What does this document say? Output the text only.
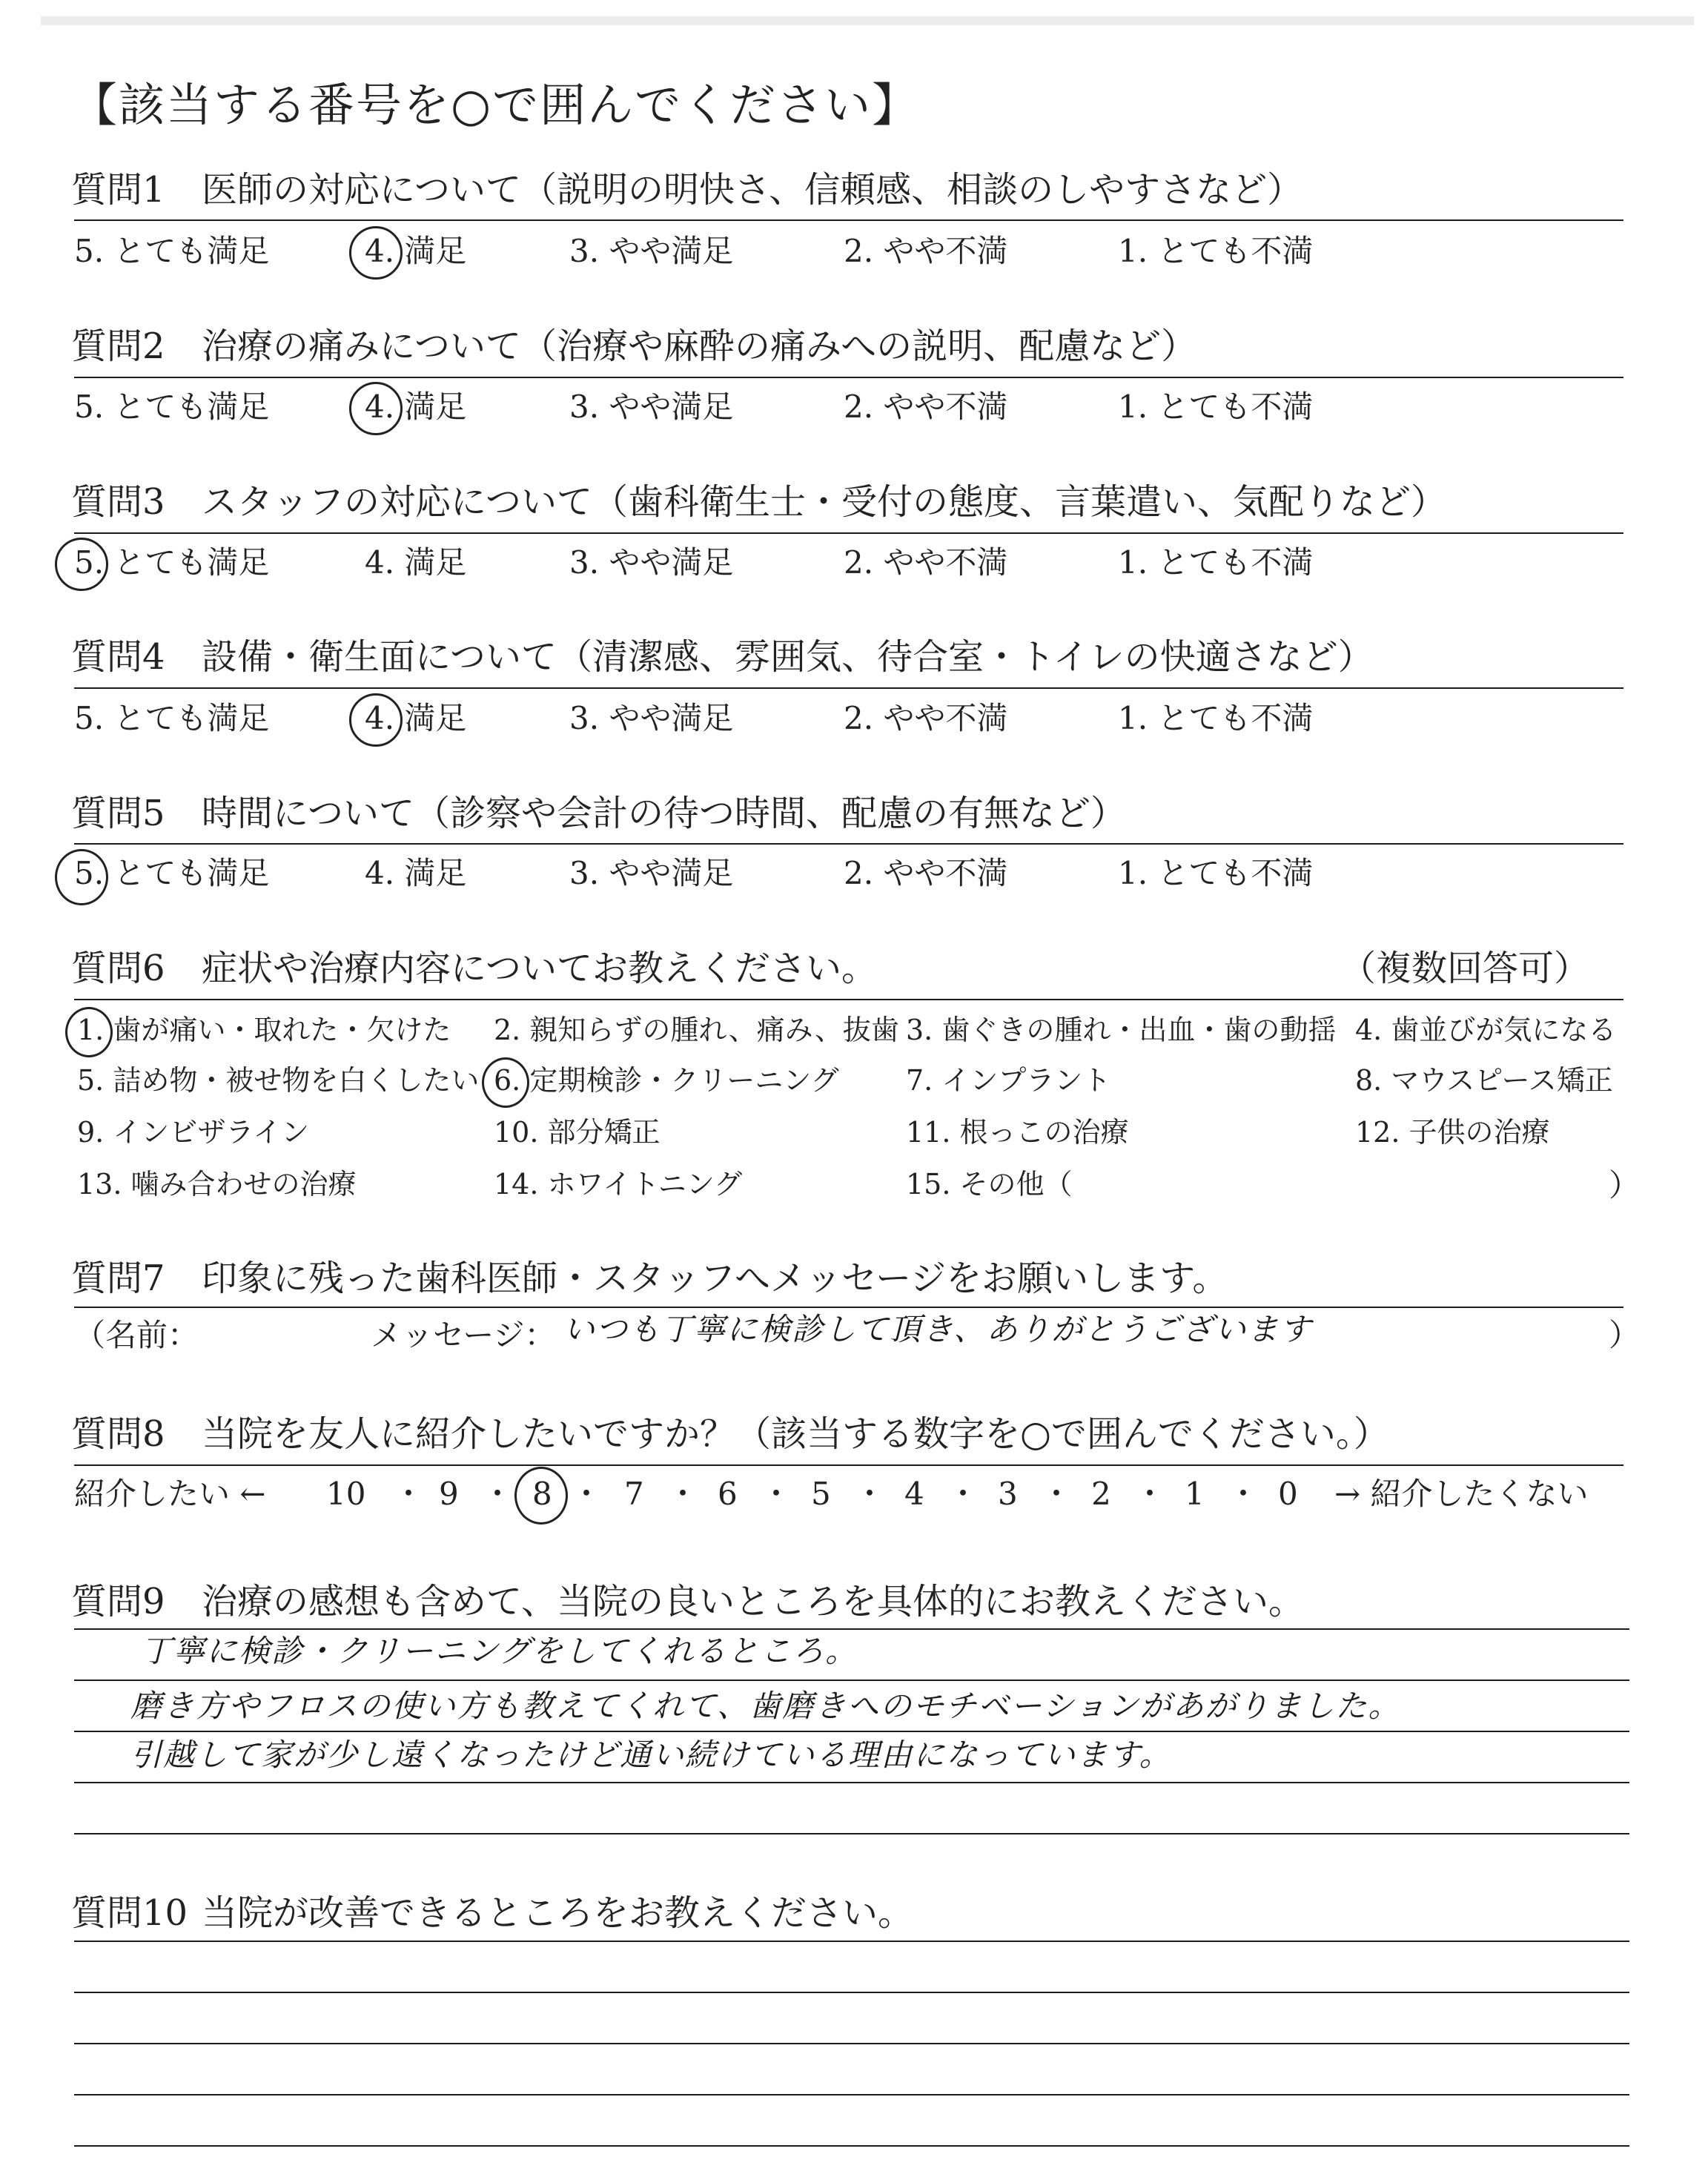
【該当する番号を○で囲んでください】
質問1 医師の対応について（説明の明快さ、信頼感、相談のしやすさなど）
5. とても満足	4. 満足	3. やや満足	2. やや不満	1. とても不満
質問2 治療の痛みについて（治療や麻酔の痛みへの説明、配慮など）
5. とても満足	4. 満足	3. やや満足	2. やや不満	1. とても不満
質問3 スタッフの対応について（歯科衛生士・受付の態度、言葉遣い、気配りなど）
5. とても満足	4. 満足	3. やや満足	2. やや不満	1. とても不満
質問4 設備・衛生面について（清潔感、雰囲気、待合室・トイレの快適さなど）
5. とても満足	4. 満足	3. やや満足	2. やや不満	1. とても不満
質問5 時間について（診察や会計の待つ時間、配慮の有無など）
5. とても満足	4. 満足	3. やや満足	2. やや不満	1. とても不満
質問6 症状や治療内容についてお教えください。	（複数回答可）
1. 歯が痛い・取れた・欠けた 2. 親知らずの腫れ、痛み、抜歯 3. 歯ぐきの腫れ・出血・歯の動揺 4. 歯並びが気になる
5. 詰め物・被せ物を白くしたい 6. 定期検診・クリーニング 7. インプラント	8. マウスピース矯正
9. インビザライン	10. 部分矯正	11. 根っこの治療	12. 子供の治療
13. 噛み合わせの治療	14. ホワイトニング	15. その他（	）
質問7 印象に残った歯科医師・スタッフへメッセージをお願いします。
（名前：	メッセージ： いつも丁寧に検診して頂き、ありがとうございます	）
質問8 当院を友人に紹介したいですか？（該当する数字を○で囲んでください。）
紹介したい ← 10 ・ 9 ・ 8 ・ 7 ・ 6 ・ 5 ・ 4 ・ 3 ・ 2 ・ 1 ・ 0 → 紹介したくない
質問9 治療の感想も含めて、当院の良いところを具体的にお教えください。
丁寧に検診・クリーニングをしてくれるところ。
磨き方やフロスの使い方も教えてくれて、歯磨きへのモチベーションがあがりました。
引越して家が少し遠くなったけど通い続けている理由になっています。
質問10 当院が改善できるところをお教えください。
